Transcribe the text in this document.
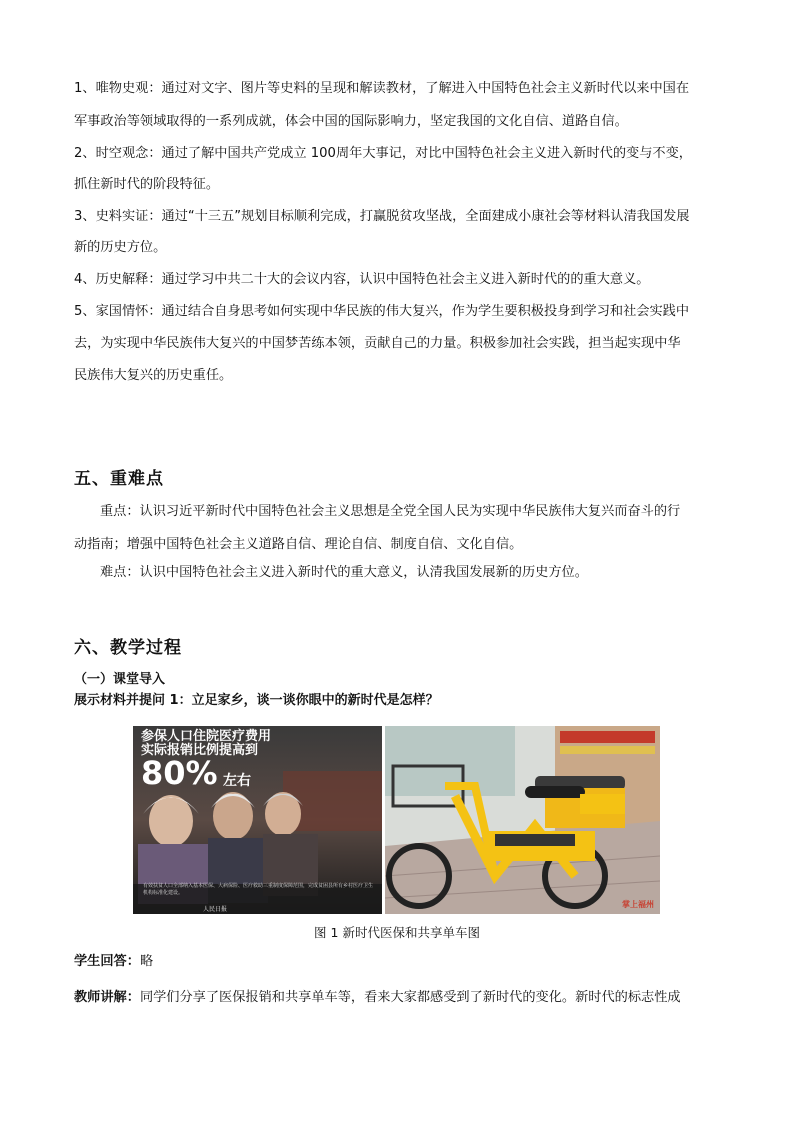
1、唯物史观：通过对文字、图片等史料的呈现和解读教材，了解进入中国特色社会主义新时代以来中国在
军事政治等领域取得的一系列成就，体会中国的国际影响力，坚定我国的文化自信、道路自信。
2、时空观念：通过了解中国共产党成立 100周年大事记，对比中国特色社会主义进入新时代的变与不变，
抓住新时代的阶段特征。
3、史料实证：通过“十三五”规划目标顺利完成，打赢脱贫攻坚战，全面建成小康社会等材料认清我国发展
新的历史方位。
4、历史解释：通过学习中共二十大的会议内容，认识中国特色社会主义进入新时代的的重大意义。
5、家国情怀：通过结合自身思考如何实现中华民族的伟大复兴，作为学生要积极投身到学习和社会实践中
去，为实现中华民族伟大复兴的中国梦苦练本领，贡献自己的力量。积极参加社会实践，担当起实现中华
民族伟大复兴的历史重任。
五、重难点
重点：认识习近平新时代中国特色社会主义思想是全党全国人民为实现中华民族伟大复兴而奋斗的行
动指南；增强中国特色社会主义道路自信、理论自信、制度自信、文化自信。
难点：认识中国特色社会主义进入新时代的重大意义，认清我国发展新的历史方位。
六、教学过程
（一）课堂导入
展示材料并提问 1：立足家乡，谈一谈你眼中的新时代是怎样？
参保人口住院医疗费用
实际报销比例提高到
80% 左右
有效扶贫人口全部纳入基本医保、大病保险、医疗救助三重制度保障范围，完成贫困县所有乡村医疗卫生机构标准化建设。
人民日报
掌上福州
图 1 新时代医保和共享单车图
学生回答：略
教师讲解：同学们分享了医保报销和共享单车等，看来大家都感受到了新时代的变化。新时代的标志性成
